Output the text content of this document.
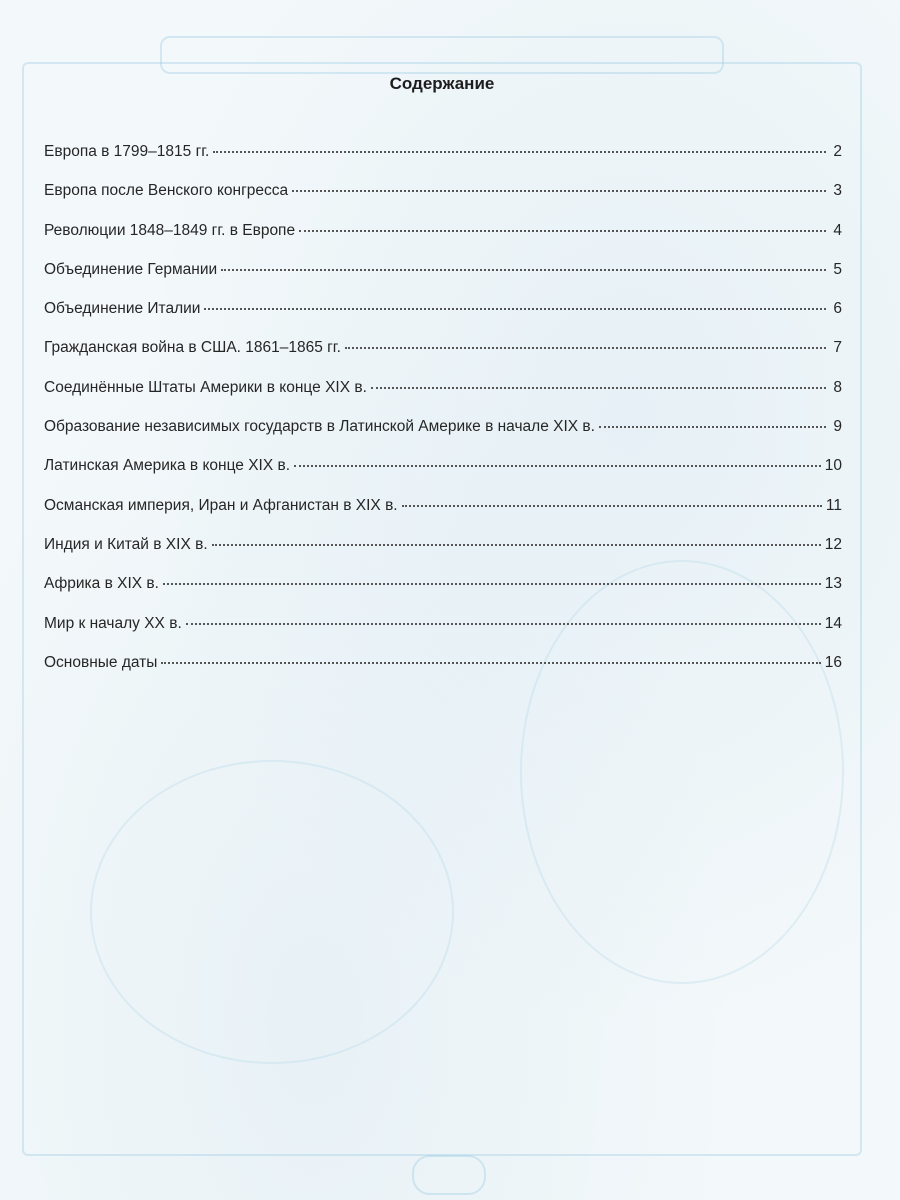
Содержание
Европа в 1799–1815 гг.	2
Европа после Венского конгресса	3
Революции 1848–1849 гг. в Европе	4
Объединение Германии	5
Объединение Италии	6
Гражданская война в США. 1861–1865 гг.	7
Соединённые Штаты Америки в конце XIX в.	8
Образование независимых государств в Латинской Америке в начале XIX в.	9
Латинская Америка в конце XIX в.	10
Османская империя, Иран и Афганистан в XIX в.	11
Индия и Китай в XIX в.	12
Африка в XIX в.	13
Мир к началу XX в.	14
Основные даты	16
